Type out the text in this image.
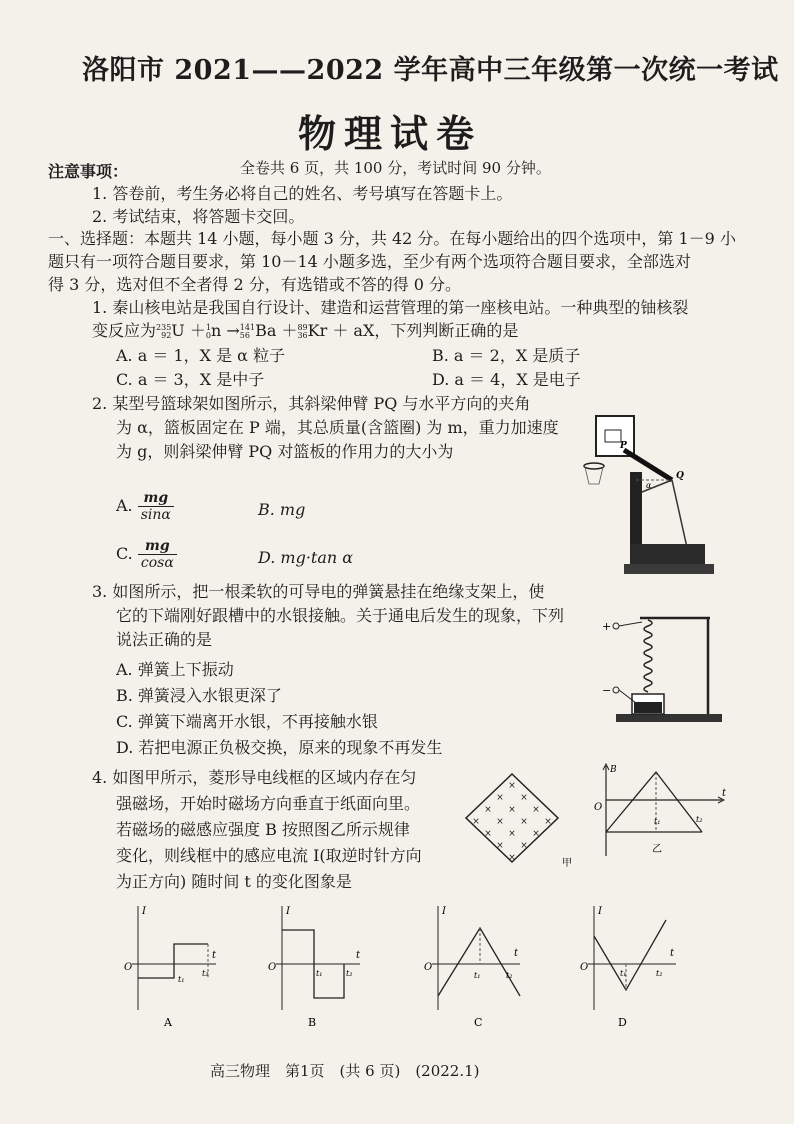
洛阳市 2021——2022 学年高中三年级第一次统一考试
物理试卷
全卷共 6 页，共 100 分，考试时间 90 分钟。
注意事项：
1. 答卷前，考生务必将自己的姓名、考号填写在答题卡上。
2. 考试结束，将答题卡交回。
一、选择题：本题共 14 小题，每小题 3 分，共 42 分。在每小题给出的四个选项中，第 1－9 小
题只有一项符合题目要求，第 10－14 小题多选，至少有两个选项符合题目要求，全部选对
得 3 分，选对但不全者得 2 分，有选错或不答的得 0 分。
1. 秦山核电站是我国自行设计、建造和运营管理的第一座核电站。一种典型的铀核裂
变反应为235
92U ＋1
0n →141
56 Ba ＋89
36Kr ＋ aX，下列判断正确的是
A. a ＝ 1，X 是 α 粒子	B. a ＝ 2，X 是质子
C. a ＝ 3，X 是中子	D. a ＝ 4，X 是电子
2. 某型号篮球架如图所示，其斜梁伸臂 PQ 与水平方向的夹角
为 α，篮板固定在 P 端，其总质量(含篮圈) 为 m，重力加速度
为 g，则斜梁伸臂 PQ 对篮板的作用力的大小为
A. $\frac{mg}{\sin\alpha}$	B. mg
C. $\frac{mg}{\cos\alpha}$	D. mg·tan α
P
Q
α
3. 如图所示，把一根柔软的可导电的弹簧悬挂在绝缘支架上，使
它的下端刚好跟槽中的水银接触。关于通电后发生的现象，下列
说法正确的是
A. 弹簧上下振动
B. 弹簧浸入水银更深了
C. 弹簧下端离开水银，不再接触水银
D. 若把电源正负极交换，原来的现象不再发生
+
−
4. 如图甲所示，菱形导电线框的区域内存在匀
强磁场，开始时磁场方向垂直于纸面向里。
若磁场的磁感应强度 B 按照图乙所示规律
变化，则线框中的感应电流 I(取逆时针方向
为正方向) 随时间 t 的变化图象是
×
× ×
× × ×
× × × ×
× × ×
× ×
×	甲
B
O
t
t₁	t₂
乙
I
O
t
t₁
t₂
A
I
O
t
t₁	t₂
B
I
O
t
t₁	t₂
C
I
O
t
t₁	t₂
D
高三物理　第1页　(共 6 页)　(2022.1)
